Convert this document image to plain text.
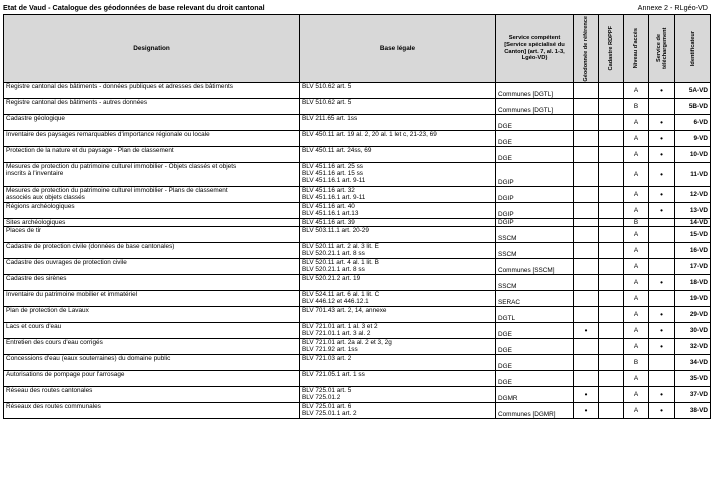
Etat de Vaud - Catalogue des géodonnées de base relevant du droit cantonal	Annexe 2 - RLgéo-VD
Designation	Base légale	Service compétent [Service spécialisé du Canton] (art. 7, al. 1-3, Lgéo-VD)	Géodonnée de référence	Cadastre RDPPF	Niveau d'accès	Service de téléchargement	Identificateur

Registre cantonal des bâtiments - données publiques et adresses des bâtiments	BLV 510.62 art. 5	Communes [DGTL]			A	•	5A-VD

Registre cantonal des bâtiments - autres données	BLV 510.62 art. 5	Communes [DGTL]			B		5B-VD

Cadastre géologique	BLV 211.65 art. 1ss	DGE			A	•	6-VD

Inventaire des paysages remarquables d'importance régionale ou locale	BLV 450.11 art. 19 al. 2, 20 al. 1 let c, 21-23, 69	DGE			A	•	9-VD

Protection de la nature et du paysage - Plan de classement	BLV 450.11 art. 24ss, 69	DGE			A	•	10-VD

Mesures de protection du patrimoine culturel immobilier - Objets classés et objets
inscrits à l'inventaire	BLV 451.16 art. 25 ss
BLV 451.16 art. 15 ss
BLV 451.16.1 art. 9-11	DGIP			A	•	11-VD

Mesures de protection du patrimoine culturel immobilier - Plans de classement
associés aux objets classés	BLV 451.16 art. 32
BLV 451.16.1 art. 9-11	DGIP			A	•	12-VD

Régions archéologiques	BLV 451.16 art. 40
BLV 451.16.1 art.13	DGIP			A	•	13-VD

Sites archéologiques	BLV 451.16 art. 39	DGIP			B		14-VD

Places de tir	BLV 503.11.1 art. 20-29	SSCM			A		15-VD

Cadastre de protection civile (données de base cantonales)	BLV 520.11 art. 2 al. 3 lit. E
BLV 520.21.1 art. 8 ss	SSCM			A		16-VD

Cadastre des ouvrages de protection civile	BLV 520.11 art. 4 al. 1 lit. B
BLV 520.21.1 art. 8 ss	Communes [SSCM]			A		17-VD

Cadastre des sirènes	BLV 520.21.2 art. 19	SSCM			A	•	18-VD

Inventaire du patrimoine mobilier et immatériel	BLV 524.11 art. 6 al. 1 lit. C
BLV 446.12 et 446.12.1	SERAC			A		19-VD

Plan de protection de Lavaux	BLV 701.43 art. 2, 14, annexe	DGTL			A	•	29-VD

Lacs et cours d'eau	BLV 721.01 art. 1 al. 3 et 2
BLV 721.01.1 art. 3 al. 2	DGE	•		A	•	30-VD

Entretien des cours d'eau corrigés	BLV 721.01 art. 2a al. 2 et 3, 2g
BLV 721.92 art. 1ss	DGE			A	•	32-VD

Concessions d'eau (eaux souterraines) du domaine public	BLV 721.03 art. 2	DGE			B		34-VD

Autorisations de pompage pour l'arrosage	BLV 721.05.1 art. 1 ss	DGE			A		35-VD

Réseau des routes cantonales	BLV 725.01 art. 5
BLV 725.01.2	DGMR	•		A	•	37-VD

Réseaux des routes communales	BLV 725.01 art. 6
BLV 725.01.1 art. 2	Communes [DGMR]	•		A	•	38-VD
